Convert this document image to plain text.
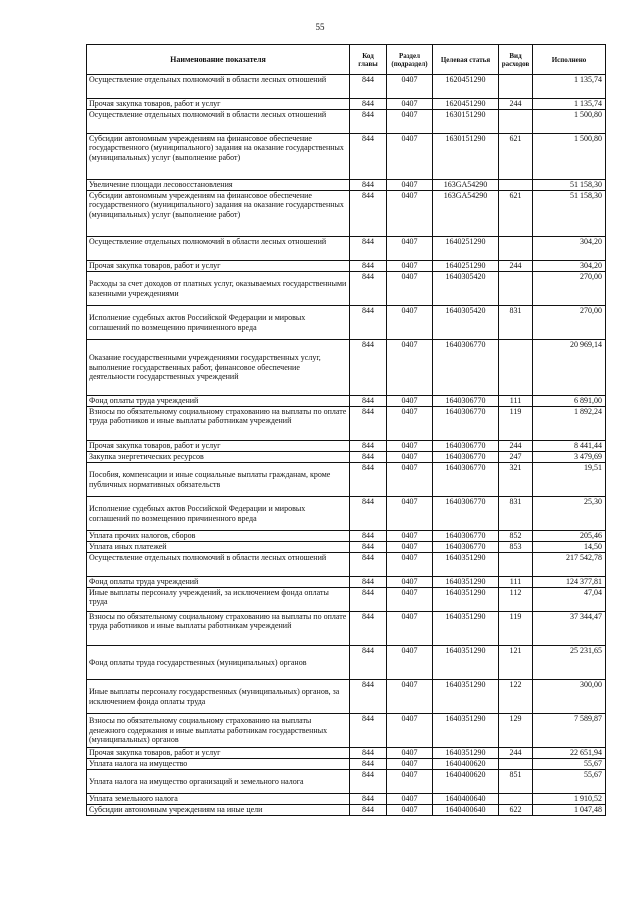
55
Наименование показателя	Код главы	Раздел (подраздел)	Целевая статья	Вид расходов	Исполнено
Осуществление отдельных полномочий в области лесных отношений	844	0407	1620451290		1 135,74
Прочая закупка товаров, работ и услуг	844	0407	1620451290	244	1 135,74
Осуществление отдельных полномочий в области лесных отношений	844	0407	1630151290		1 500,80
Субсидии автономным учреждениям на финансовое обеспечение государственного (муниципального) задания на оказание государственных (муниципальных) услуг (выполнение работ)	844	0407	1630151290	621	1 500,80
Увеличение площади лесовосстановления	844	0407	163GA54290		51 158,30
Субсидии автономным учреждениям на финансовое обеспечение государственного (муниципального) задания на оказание государственных (муниципальных) услуг (выполнение работ)	844	0407	163GA54290	621	51 158,30
Осуществление отдельных полномочий в области лесных отношений	844	0407	1640251290		304,20
Прочая закупка товаров, работ и услуг	844	0407	1640251290	244	304,20
Расходы за счет доходов от платных услуг, оказываемых государственными казенными учреждениями	844	0407	1640305420		270,00
Исполнение судебных актов Российской Федерации и мировых соглашений по возмещению причиненного вреда	844	0407	1640305420	831	270,00
Оказание государственными учреждениями государственных услуг, выполнение государственных работ, финансовое обеспечение деятельности государственных учреждений	844	0407	1640306770		20 969,14
Фонд оплаты труда учреждений	844	0407	1640306770	111	6 891,00
Взносы по обязательному социальному страхованию на выплаты по оплате труда работников и иные выплаты работникам учреждений	844	0407	1640306770	119	1 892,24
Прочая закупка товаров, работ и услуг	844	0407	1640306770	244	8 441,44
Закупка энергетических ресурсов	844	0407	1640306770	247	3 479,69
Пособия, компенсации и иные социальные выплаты гражданам, кроме публичных нормативных обязательств	844	0407	1640306770	321	19,51
Исполнение судебных актов Российской Федерации и мировых соглашений по возмещению причиненного вреда	844	0407	1640306770	831	25,30
Уплата прочих налогов, сборов	844	0407	1640306770	852	205,46
Уплата иных платежей	844	0407	1640306770	853	14,50
Осуществление отдельных полномочий в области лесных отношений	844	0407	1640351290		217 542,78
Фонд оплаты труда учреждений	844	0407	1640351290	111	124 377,81
Иные выплаты персоналу учреждений, за исключением фонда оплаты труда	844	0407	1640351290	112	47,04
Взносы по обязательному социальному страхованию на выплаты по оплате труда работников и иные выплаты работникам учреждений	844	0407	1640351290	119	37 344,47
Фонд оплаты труда государственных (муниципальных) органов	844	0407	1640351290	121	25 231,65
Иные выплаты персоналу государственных (муниципальных) органов, за исключением фонда оплаты труда	844	0407	1640351290	122	300,00
Взносы по обязательному социальному страхованию на выплаты денежного содержания и иные выплаты работникам государственных (муниципальных) органов	844	0407	1640351290	129	7 589,87
Прочая закупка товаров, работ и услуг	844	0407	1640351290	244	22 651,94
Уплата налога на имущество	844	0407	1640400620		55,67
Уплата налога на имущество организаций и земельного налога	844	0407	1640400620	851	55,67
Уплата земельного налога	844	0407	1640400640		1 910,52
Субсидии автономным учреждениям на иные цели	844	0407	1640400640	622	1 047,48
